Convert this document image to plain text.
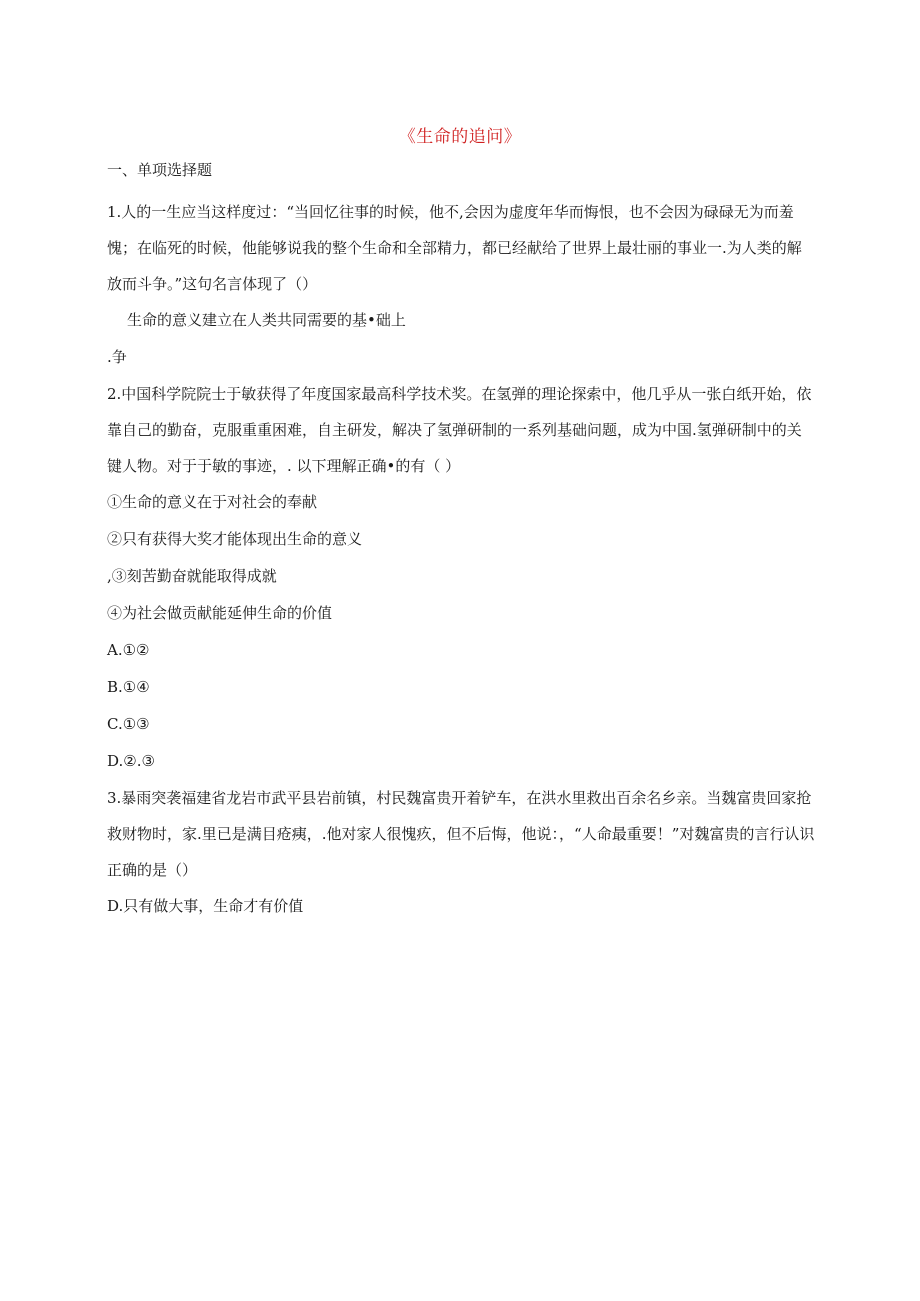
《生命的追问》
一、单项选择题

1.人的一生应当这样度过：“当回忆往事的时候，他不,会因为虚度年华而悔恨，也不会因为碌碌无为而羞愧；在临死的时候，他能够说我的整个生命和全部精力，都已经献给了世界上最壮丽的事业一.为人类的解放而斗争。”这句名言体现了（）

生命的意义建立在人类共同需要的基•础上

.争

2.中国科学院院士于敏获得了年度国家最高科学技术奖。在氢弹的理论探索中，他几乎从一张白纸开始，依靠自己的勤奋，克服重重困难，自主研发，解决了氢弹研制的一系列基础问题，成为中国.氢弹研制中的关键人物。对于于敏的事迹，. 以下理解正确•的有（ ）

①生命的意义在于对社会的奉献

②只有获得大奖才能体现出生命的意义

,③刻苦勤奋就能取得成就

④为社会做贡献能延伸生命的价值

A.①②

B.①④

C.①③

D.②.③

3.暴雨突袭福建省龙岩市武平县岩前镇，村民魏富贵开着铲车，在洪水里救出百余名乡亲。当魏富贵回家抢救财物时，家.里已是满目疮痍，.他对家人很愧疚，但不后悔，他说：，“人命最重要！”对魏富贵的言行认识正确的是（）

D.只有做大事，生命才有价值
